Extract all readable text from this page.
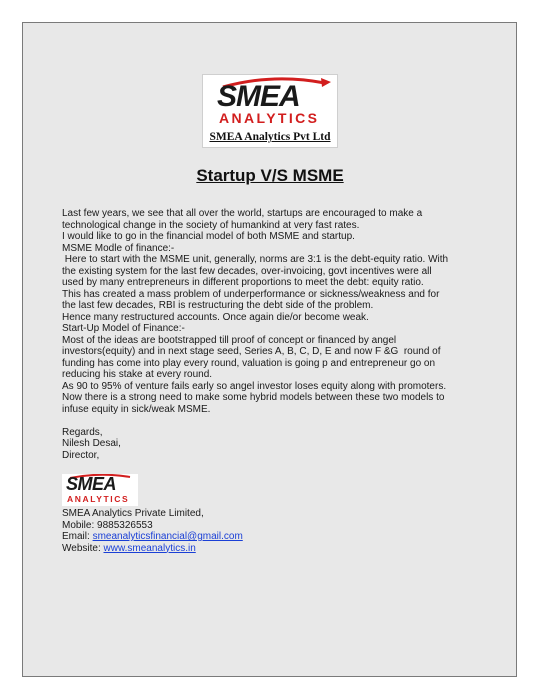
SMEA
ANALYTICS
SMEA Analytics Pvt Ltd
Startup V/S MSME

Last few years, we see that all over the world, startups are encouraged to make a

technological change in the society of humankind at very fast rates.

I would like to go in the financial model of both MSME and startup.

MSME Modle of finance:-

Here to start with the MSME unit, generally, norms are 3:1 is the debt-equity ratio. With

the existing system for the last few decades, over-invoicing, govt incentives were all

used by many entrepreneurs in different proportions to meet the debt: equity ratio.

This has created a mass problem of underperformance or sickness/weakness and for

the last few decades, RBI is restructuring the debt side of the problem.

Hence many restructured accounts. Once again die/or become weak.

Start-Up Model of Finance:-

Most of the ideas are bootstrapped till proof of concept or financed by angel

investors(equity) and in next stage seed, Series A, B, C, D, E and now F &G  round of

funding has come into play every round, valuation is going p and entrepreneur go on

reducing his stake at every round.

As 90 to 95% of venture fails early so angel investor loses equity along with promoters.

Now there is a strong need to make some hybrid models between these two models to

infuse equity in sick/weak MSME.

Regards,

Nilesh Desai,

Director,

SMEA
ANALYTICS

SMEA Analytics Private Limited,

Mobile: 9885326553

Email: smeanalyticsfinancial@gmail.com

Website: www.smeanalytics.in
